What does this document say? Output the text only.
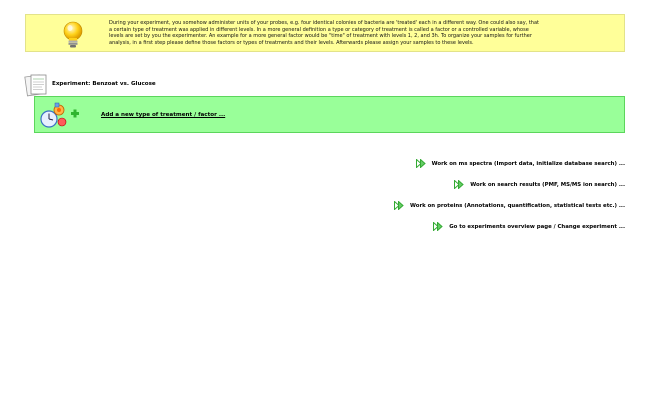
During your experiment, you somehow administer units of your probes, e.g. four identical colonies of bacteria are 'treated' each in a different way. One could also say, that a certain type of treatment was applied in different levels. In a more general definition a type or category of treatment is called a factor or a controlled variable, whose levels are set by you the experimenter. An example for a more general factor would be "time" of treatment with levels 1, 2, and 3h. To organize your samples for further analysis, in a first step please define those factors or types of treatments and their levels. Afterwards please assign your samples to these levels.
Experiment: Benzoat vs. Glucose
Add a new type of treatment / factor ...
Work on ms spectra (Import data, initialize database search) ...
Work on search results (PMF, MS/MS ion search) ...
Work on proteins (Annotations, quantification, statistical tests etc.) ...
Go to experiments overview page / Change experiment ...
